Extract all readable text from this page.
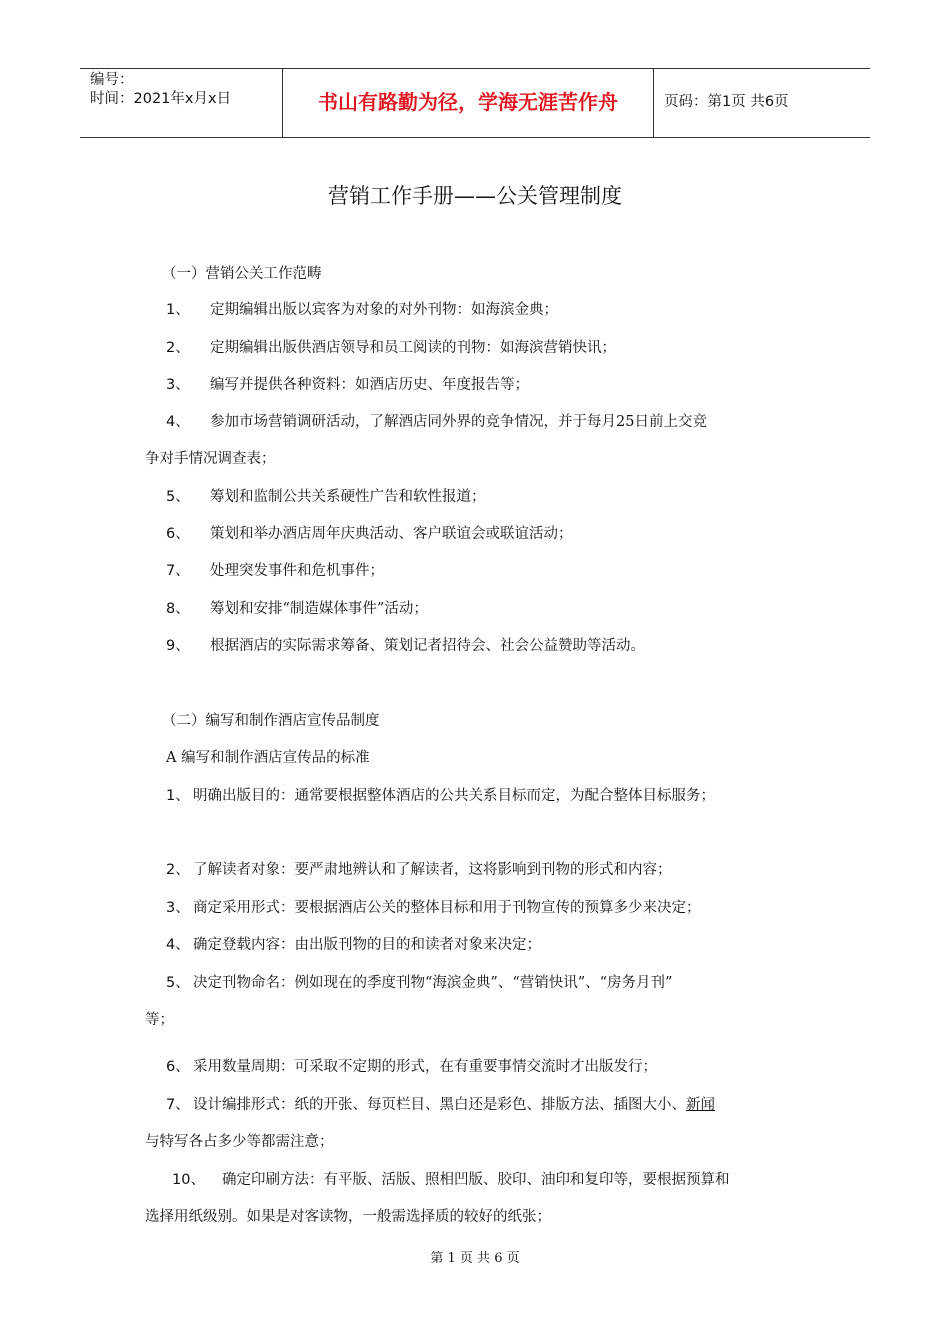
编号：
时间：2021年x月x日	书山有路勤为径，学海无涯苦作舟	页码：第1页 共6页
营销工作手册——公关管理制度
（一）营销公关工作范畴
1、 定期编辑出版以宾客为对象的对外刊物：如海滨金典；
2、 定期编辑出版供酒店领导和员工阅读的刊物：如海滨营销快讯；
3、 编写并提供各种资料：如酒店历史、年度报告等；
4、 参加市场营销调研活动，了解酒店同外界的竞争情况，并于每月25日前上交竞
争对手情况调查表；
5、 筹划和监制公共关系硬性广告和软性报道；
6、 策划和举办酒店周年庆典活动、客户联谊会或联谊活动；
7、 处理突发事件和危机事件；
8、 筹划和安排“制造媒体事件”活动；
9、 根据酒店的实际需求筹备、策划记者招待会、社会公益赞助等活动。
（二）编写和制作酒店宣传品制度
A 编写和制作酒店宣传品的标准
1、 明确出版目的：通常要根据整体酒店的公共关系目标而定，为配合整体目标服务；
2、 了解读者对象：要严肃地辨认和了解读者，这将影响到刊物的形式和内容；
3、 商定采用形式：要根据酒店公关的整体目标和用于刊物宣传的预算多少来决定；
4、 确定登载内容：由出版刊物的目的和读者对象来决定；
5、 决定刊物命名：例如现在的季度刊物“海滨金典”、“营销快讯”、“房务月刊”
等；
6、 采用数量周期：可采取不定期的形式，在有重要事情交流时才出版发行；
7、 设计编排形式：纸的开张、每页栏目、黑白还是彩色、排版方法、插图大小、新闻
与特写各占多少等都需注意；
10、 确定印刷方法：有平版、活版、照相凹版、胶印、油印和复印等，要根据预算和
选择用纸级别。如果是对客读物，一般需选择质的较好的纸张；
第 1 页 共 6 页
